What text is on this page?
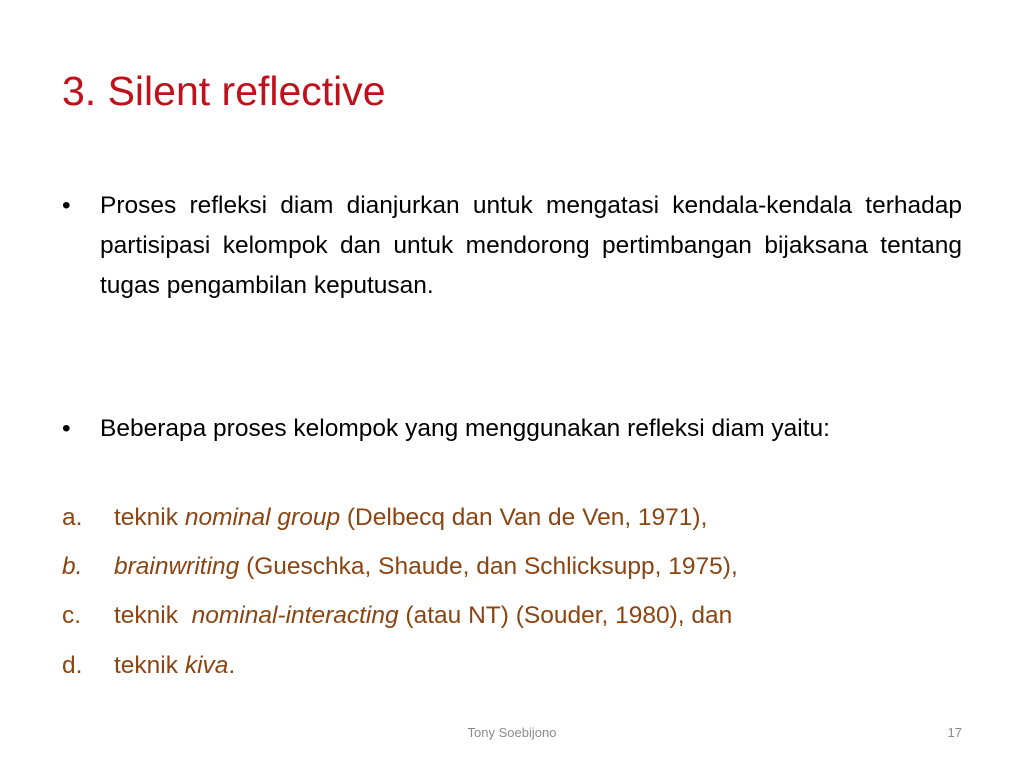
3. Silent reflective
•	Proses refleksi diam dianjurkan untuk mengatasi kendala-kendala terhadap partisipasi kelompok dan untuk mendorong pertimbangan bijaksana tentang tugas pengambilan keputusan.
•	Beberapa proses kelompok yang menggunakan refleksi diam yaitu:
a. teknik nominal group (Delbecq dan Van de Ven, 1971),
b. brainwriting (Gueschka, Shaude, dan Schlicksupp, 1975),
c. teknik  nominal-interacting (atau NT) (Souder, 1980), dan
d. teknik kiva.
Tony Soebijono	17
